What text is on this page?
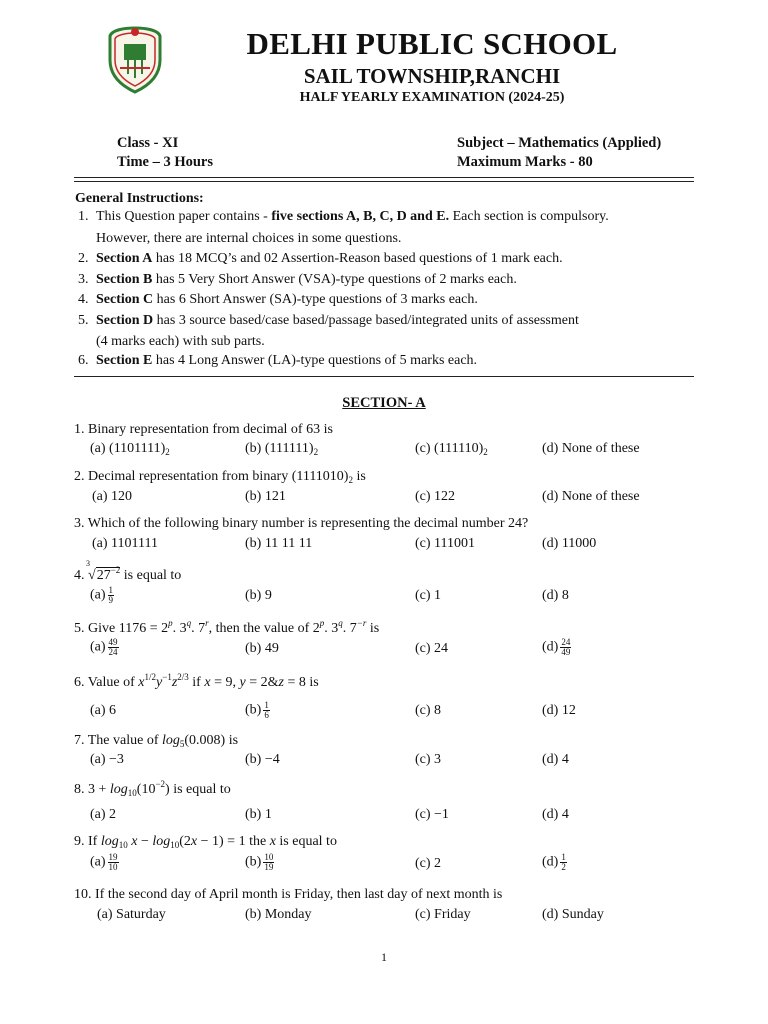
DELHI PUBLIC SCHOOL
SAIL TOWNSHIP,RANCHI
HALF YEARLY EXAMINATION (2024-25)
Class - XI
Time – 3 Hours
Subject – Mathematics (Applied)
Maximum Marks - 80
General Instructions:
1. This Question paper contains - five sections A, B, C, D and E. Each section is compulsory.
However, there are internal choices in some questions.
2. Section A has 18 MCQ’s and 02 Assertion-Reason based questions of 1 mark each.
3. Section B has 5 Very Short Answer (VSA)-type questions of 2 marks each.
4. Section C has 6 Short Answer (SA)-type questions of 3 marks each.
5. Section D has 3 source based/case based/passage based/integrated units of assessment
(4 marks each) with sub parts.
6. Section E has 4 Long Answer (LA)-type questions of 5 marks each.
SECTION- A
1. Binary representation from decimal of 63 is
(a) $(1101111)_2$	(b) $(111111)_2$	(c) $(111110)_2$	(d) None of these
2. Decimal representation from binary $(1111010)_2$ is
(a) 120	(b) 121	(c) 122	(d) None of these
3. Which of the following binary number is representing the decimal number 24?
(a) 1101111	(b) 11 11 11	(c) 111001	(d) 11000
4.
3
$√27^{-2}$ is equal to
$(a) \frac{1}{9}$	(b) 9	(c) 1	(d) 8
5. Give $1176 = 2^p$. 3$^q$. 7$^r$, then the value of 2$^p$. 3$^q$. $7^{-r}$ is
$(a) \frac{49}{24}$	(b) 49	(c) 24	$(d) \frac{24}{49}$
6. Value of $x^{1/2}y^{-1}z^{2/3}$ if x = 9, y = 2&z = 8 is
(a) 6	$(b) \frac{1}{6}$	(c) 8	(d) 12
7. The value of $\log_5(0.008)$ is
(a) −3	(b) −4	(c) 3	(d) 4
8. $3 + \log_{10}(10^{-2})$ is equal to
(a) 2	(b) 1	(c) −1	(d) 4
9. If $\log_{10} x - \log_{10}(2x - 1) = 1$ the x is equal to
$(a) \frac{19}{10}$	$(b) \frac{10}{19}$	(c) 2	$(d) \frac{1}{2}$
10. If the second day of April month is Friday, then last day of next month is
(a) Saturday	(b) Monday	(c) Friday	(d) Sunday
1
